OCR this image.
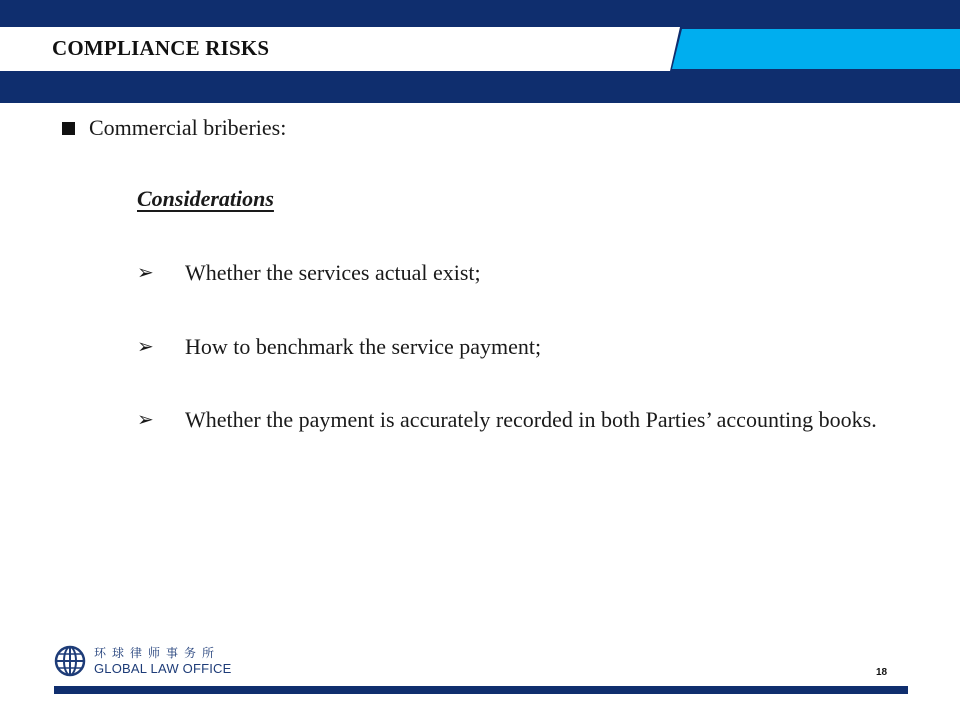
COMPLIANCE RISKS
Commercial briberies:
Considerations
➢	Whether the services actual exist;
➢	How to benchmark the service payment;
➢	Whether the payment is accurately recorded in both Parties’ accounting books.
环球律师事务所
GLOBAL LAW OFFICE	18
